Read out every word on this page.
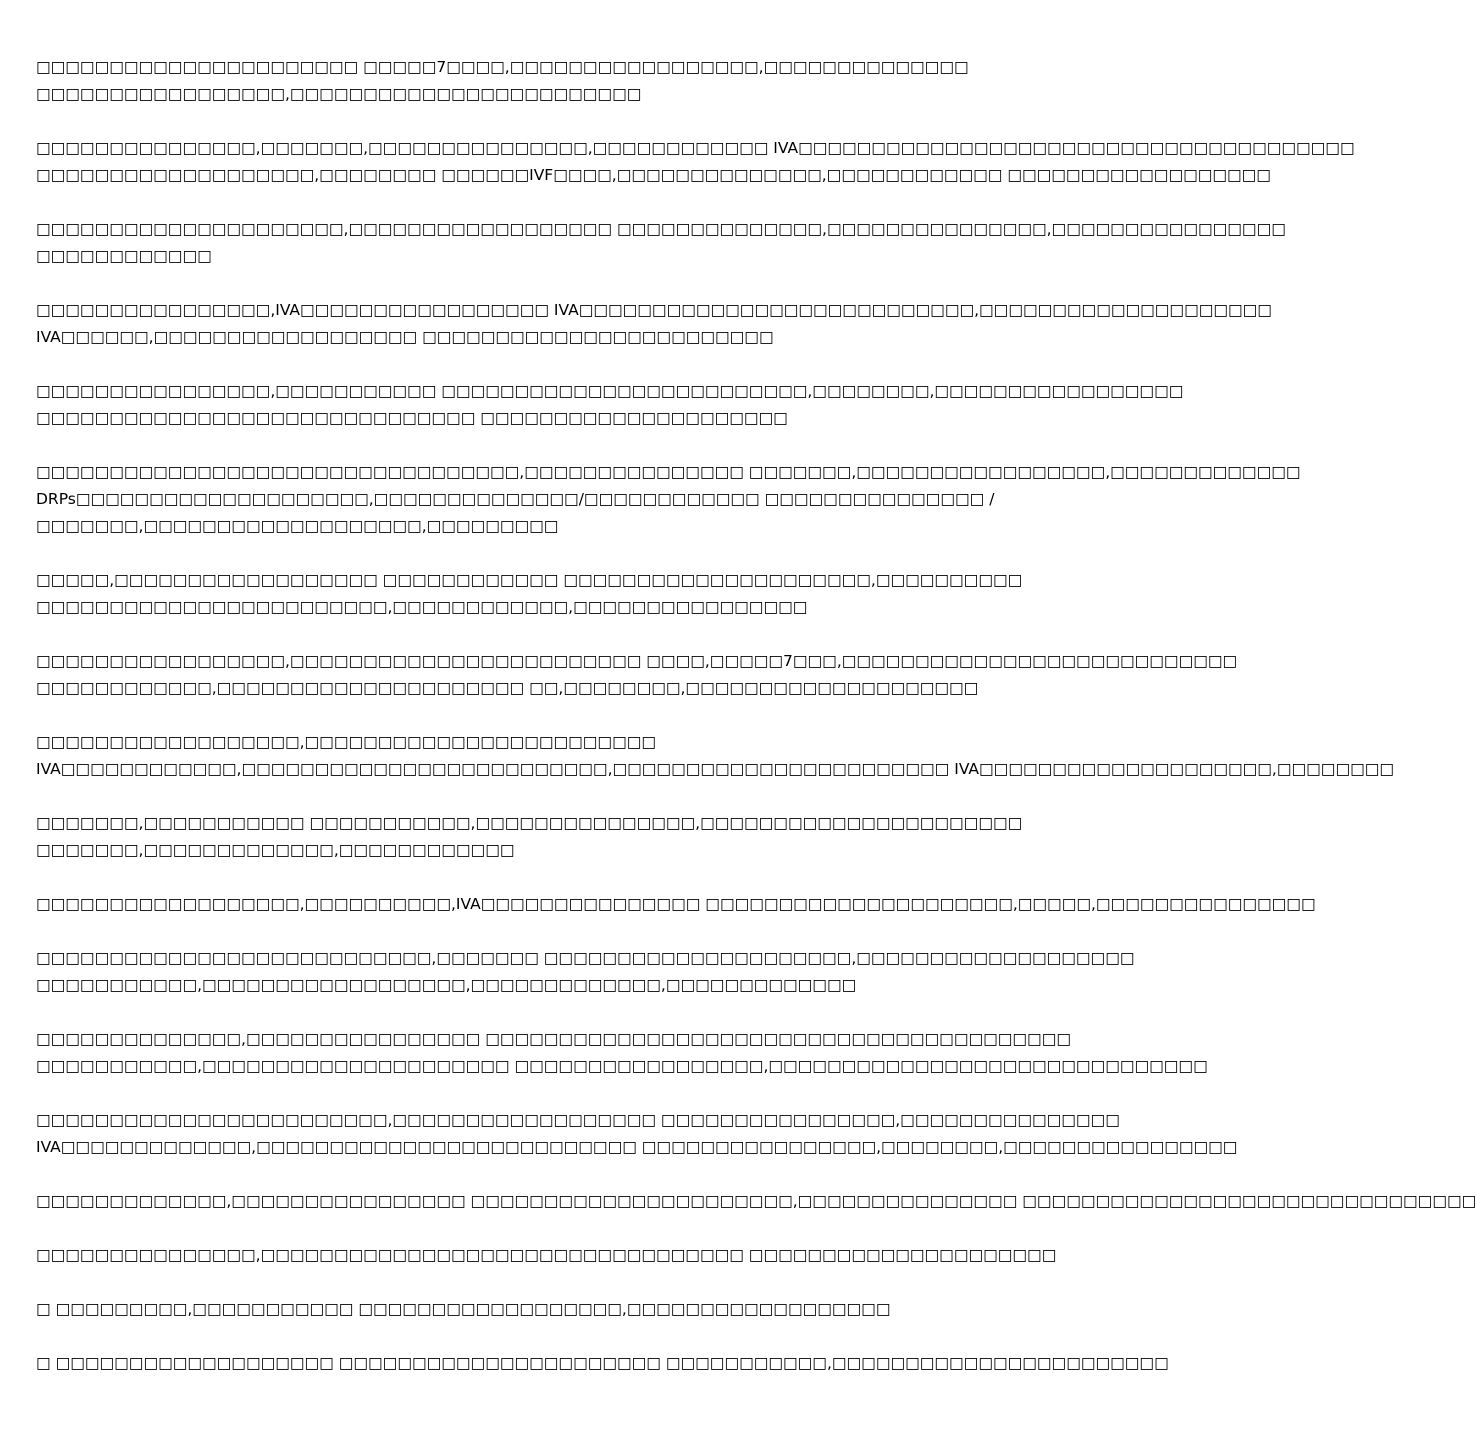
□□□□□□□□□□□□□□□□□□□□□□ □□□□□7□□□□,□□□□□□□□□□□□□□□□□,□□□□□□□□□□□□□□
□□□□□□□□□□□□□□□□□,□□□□□□□□□□□□□□□□□□□□□□□□
□□□□□□□□□□□□□□□,□□□□□□□,□□□□□□□□□□□□□□□,□□□□□□□□□□□□ IVA□□□□□□□□□□□□□□□□□□□□□□□□□□□□□□□□□□□□□□
□□□□□□□□□□□□□□□□□□□,□□□□□□□□ □□□□□□IVF□□□□,□□□□□□□□□□□□□□,□□□□□□□□□□□□ □□□□□□□□□□□□□□□□□□
□□□□□□□□□□□□□□□□□□□□□,□□□□□□□□□□□□□□□□□□ □□□□□□□□□□□□□□,□□□□□□□□□□□□□□□,□□□□□□□□□□□□□□□□
□□□□□□□□□□□□
□□□□□□□□□□□□□□□□,IVA□□□□□□□□□□□□□□□□□ IVA□□□□□□□□□□□□□□□□□□□□□□□□□□□,□□□□□□□□□□□□□□□□□□□□
IVA□□□□□□,□□□□□□□□□□□□□□□□□□ □□□□□□□□□□□□□□□□□□□□□□□□
□□□□□□□□□□□□□□□□,□□□□□□□□□□□ □□□□□□□□□□□□□□□□□□□□□□□□□,□□□□□□□□,□□□□□□□□□□□□□□□□□
□□□□□□□□□□□□□□□□□□□□□□□□□□□□□□ □□□□□□□□□□□□□□□□□□□□□
□□□□□□□□□□□□□□□□□□□□□□□□□□□□□□□□□,□□□□□□□□□□□□□□□ □□□□□□□,□□□□□□□□□□□□□□□□□,□□□□□□□□□□□□□
DRPs□□□□□□□□□□□□□□□□□□□□,□□□□□□□□□□□□□□/□□□□□□□□□□□□ □□□□□□□□□□□□□□□ /
□□□□□□□,□□□□□□□□□□□□□□□□□□□,□□□□□□□□□
□□□□□,□□□□□□□□□□□□□□□□□□ □□□□□□□□□□□□ □□□□□□□□□□□□□□□□□□□□□,□□□□□□□□□□
□□□□□□□□□□□□□□□□□□□□□□□□,□□□□□□□□□□□□,□□□□□□□□□□□□□□□□
□□□□□□□□□□□□□□□□□,□□□□□□□□□□□□□□□□□□□□□□□□ □□□□,□□□□□7□□□,□□□□□□□□□□□□□□□□□□□□□□□□□□□
□□□□□□□□□□□□,□□□□□□□□□□□□□□□□□□□□□ □□,□□□□□□□□,□□□□□□□□□□□□□□□□□□□□
□□□□□□□□□□□□□□□□□□,□□□□□□□□□□□□□□□□□□□□□□□□
IVA□□□□□□□□□□□□,□□□□□□□□□□□□□□□□□□□□□□□□□,□□□□□□□□□□□□□□□□□□□□□□□ IVA□□□□□□□□□□□□□□□□□□□□,□□□□□□□□
□□□□□□□,□□□□□□□□□□□ □□□□□□□□□□□,□□□□□□□□□□□□□□□,□□□□□□□□□□□□□□□□□□□□□□
□□□□□□□,□□□□□□□□□□□□□,□□□□□□□□□□□□
□□□□□□□□□□□□□□□□□□,□□□□□□□□□□,IVA□□□□□□□□□□□□□□□ □□□□□□□□□□□□□□□□□□□□□,□□□□□,□□□□□□□□□□□□□□□
□□□□□□□□□□□□□□□□□□□□□□□□□□□,□□□□□□□ □□□□□□□□□□□□□□□□□□□□□,□□□□□□□□□□□□□□□□□□□
□□□□□□□□□□□,□□□□□□□□□□□□□□□□□□,□□□□□□□□□□□□□,□□□□□□□□□□□□□
□□□□□□□□□□□□□□,□□□□□□□□□□□□□□□□ □□□□□□□□□□□□□□□□□□□□□□□□□□□□□□□□□□□□□□□□
□□□□□□□□□□□,□□□□□□□□□□□□□□□□□□□□□ □□□□□□□□□□□□□□□□□,□□□□□□□□□□□□□□□□□□□□□□□□□□□□□□
□□□□□□□□□□□□□□□□□□□□□□□□,□□□□□□□□□□□□□□□□□□ □□□□□□□□□□□□□□□□,□□□□□□□□□□□□□□□
IVA□□□□□□□□□□□□□,□□□□□□□□□□□□□□□□□□□□□□□□□□ □□□□□□□□□□□□□□□□,□□□□□□□□,□□□□□□□□□□□□□□□□
□□□□□□□□□□□□□,□□□□□□□□□□□□□□□□ □□□□□□□□□□□□□□□□□□□□□□,□□□□□□□□□□□□□□□ □□□□□□□□□□□□□□□□□□□□□□□□□□□□□□□
□□□□□□□□□□□□□□□,□□□□□□□□□□□□□□□□□□□□□□□□□□□□□□□□□ □□□□□□□□□□□□□□□□□□□□□
□ □□□□□□□□□,□□□□□□□□□□□ □□□□□□□□□□□□□□□□□□,□□□□□□□□□□□□□□□□□□
□ □□□□□□□□□□□□□□□□□□□ □□□□□□□□□□□□□□□□□□□□□□ □□□□□□□□□□□,□□□□□□□□□□□□□□□□□□□□□□□
